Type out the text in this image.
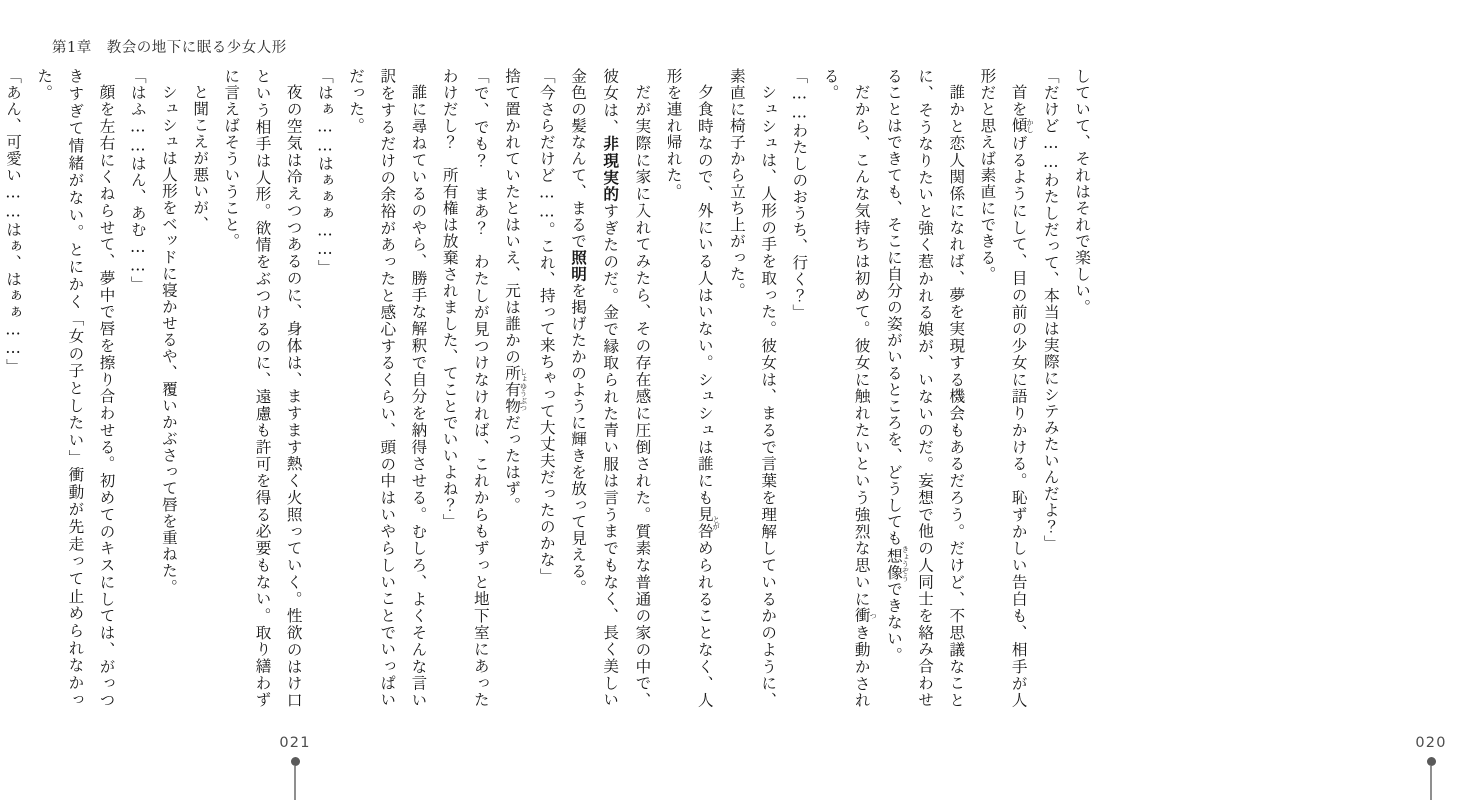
第1章　教会の地下に眠る少女人形

捨て置かれていたとはいえ、元は誰かの所有物しょゆうぶつだったはず。

「で、でも？　まあ？　わたしが見つけなければ、これからもずっと地下室にあったわけだし？　所有権は放棄されました、てことでいいよね？」

誰に尋ねているのやら、勝手な解釈で自分を納得させる。むしろ、よくそんな言い訳をするだけの余裕があったと感心するくらい、頭の中はいやらしいことでいっぱいだった。

「はぁ……はぁぁぁ……」

夜の空気は冷えつつあるのに、身体は、ますます熱く火照っていく。性欲のはけ口という相手は人形。欲情をぶつけるのに、遠慮も許可を得る必要もない。取り繕わずに言えばそういうこと。

と聞こえが悪いが、

シュシュは人形をベッドに寝かせるや、覆いかぶさって唇を重ねた。

「はふ……はん、あむ……」

顔を左右にくねらせて、夢中で唇を擦り合わせる。初めてのキスにしては、がっつきすぎて情緒がない。とにかく「女の子としたい」衝動が先走って止められなかった。

「あん、可愛い……はぁ、はぁぁ……」

021

していて、それはそれで楽しい。

「だけど……わたしだって、本当は実際にシテみたいんだよ？」

首を傾かしげるようにして、目の前の少女に語りかける。恥ずかしい告白も、相手が人形だと思えば素直にできる。

誰かと恋人関係になれば、夢を実現する機会もあるだろう。だけど、不思議なことに、そうなりたいと強く惹かれる娘が、いないのだ。妄想で他の人同士を絡み合わせることはできても、そこに自分の姿がいるところを、どうしても想像きょうぞうできない。

だから、こんな気持ちは初めて。彼女に触れたいという強烈な思いに衝つき動かされる。

「……わたしのおうち、行く？」

シュシュは、人形の手を取った。彼女は、まるで言葉を理解しているかのように、素直に椅子から立ち上がった。

夕食時なので、外にいる人はいない。シュシュは誰にも見咎とがめられることなく、人形を連れ帰れた。

だが実際に家に入れてみたら、その存在感に圧倒された。質素な普通の家の中で、彼女は、非現実的すぎたのだ。金で縁取られた青い服は言うまでもなく、長く美しい金色の髪なんて、まるで照明を掲げたかのように輝きを放って見える。

「今さらだけど……。これ、持って来ちゃって大丈夫だったのかな」

020
